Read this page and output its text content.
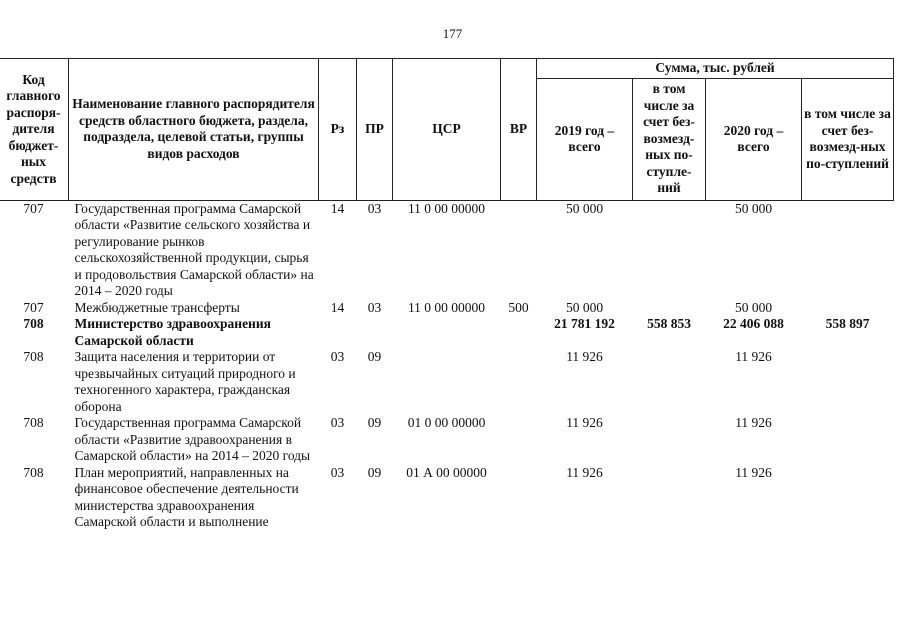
177
Код главного распоря-дителя бюджет-ных средств	Наименование главного распорядителя средств областного бюджета, раздела, подраздела, целевой статьи, группы видов расходов	Рз	ПР	ЦСР	ВР	Сумма, тыс. рублей			
						2019 год – всего	в том числе за счет без-возмезд-ных по-ступле-ний	2020 год – всего	в том числе за счет без-возмезд-ных по-ступлений
707	Государственная программа Самарской области «Развитие сельского хозяйства и регулирование рынков сельскохозяйственной продукции, сырья и продовольствия Самарской области» на 2014 – 2020 годы	14	03	11 0 00 00000		50 000		50 000	
707	Межбюджетные трансферты	14	03	11 0 00 00000	500	50 000		50 000	
708	Министерство здравоохранения Самарской области					21 781 192	558 853	22 406 088	558 897
708	Защита населения и территории от чрезвычайных ситуаций природного и техногенного характера, гражданская оборона	03	09			11 926		11 926	
708	Государственная программа Самарской области «Развитие здравоохранения в Самарской области» на 2014 – 2020 годы	03	09	01 0 00 00000		11 926		11 926	
708	План мероприятий, направленных на финансовое обеспечение деятельности министерства здравоохранения Самарской области и выполнение	03	09	01 А 00 00000		11 926		11 926	
